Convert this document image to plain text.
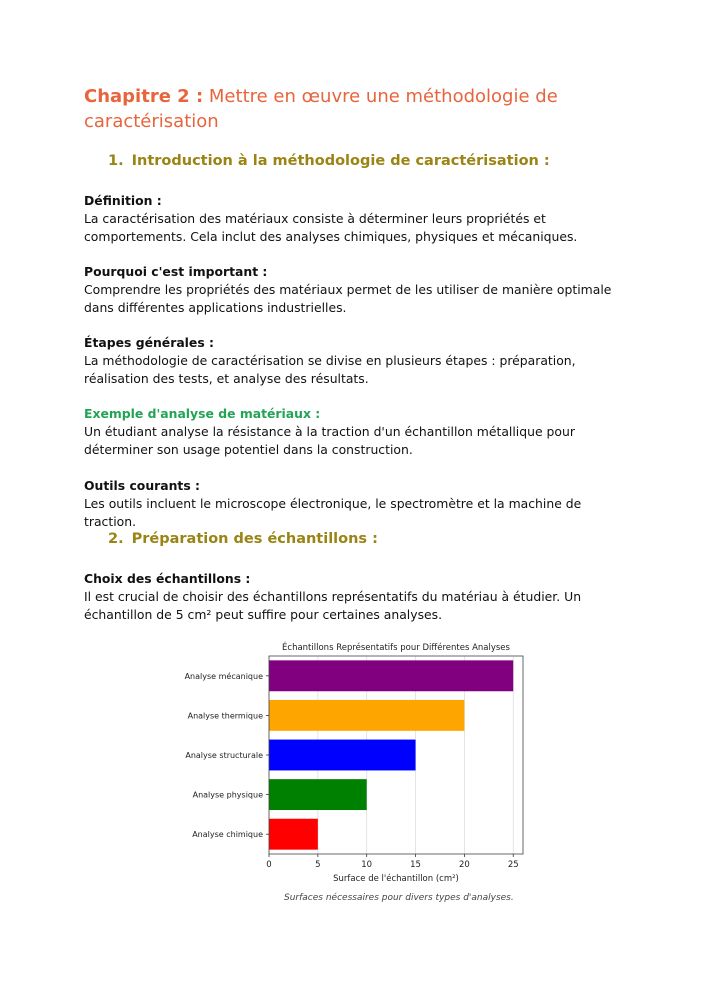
Chapitre 2 : Mettre en œuvre une méthodologie de caractérisation
1. Introduction à la méthodologie de caractérisation :
Définition :
La caractérisation des matériaux consiste à déterminer leurs propriétés et comportements. Cela inclut des analyses chimiques, physiques et mécaniques.
Pourquoi c'est important :
Comprendre les propriétés des matériaux permet de les utiliser de manière optimale dans différentes applications industrielles.
Étapes générales :
La méthodologie de caractérisation se divise en plusieurs étapes : préparation, réalisation des tests, et analyse des résultats.
Exemple d'analyse de matériaux :
Un étudiant analyse la résistance à la traction d'un échantillon métallique pour déterminer son usage potentiel dans la construction.
Outils courants :
Les outils incluent le microscope électronique, le spectromètre et la machine de traction.
2. Préparation des échantillons :
Choix des échantillons :
Il est crucial de choisir des échantillons représentatifs du matériau à étudier. Un échantillon de 5 cm² peut suffire pour certaines analyses.
Échantillons Représentatifs pour Différentes Analyses
0	5	10	15	20	25
Analyse mécanique
Analyse thermique
Analyse structurale
Analyse physique
Analyse chimique
Surface de l'échantillon (cm²)
Surfaces nécessaires pour divers types d'analyses.
